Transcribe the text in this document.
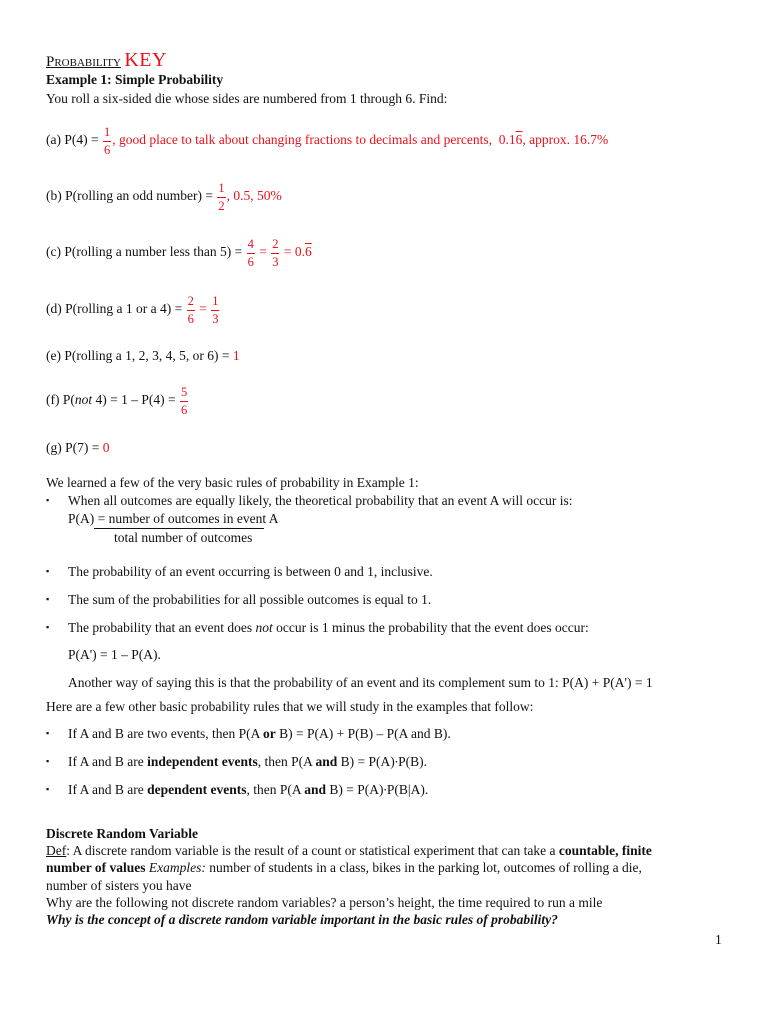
Probability KEY
Example 1: Simple Probability
You roll a six-sided die whose sides are numbered from 1 through 6. Find:
(a) $P(4) = \frac{1}{6}$ , good place to talk about changing fractions to decimals and percents, 0.16, approx. 16.7%
(b) P(rolling an odd number) = $\frac{1}{2}$ , 0.5, 50%
(c) P(rolling a number less than $5) = \frac{4}{6} = \frac{2}{3} = 0.6$
(d) P(rolling a 1 or a $4) = \frac{2}{6} = \frac{1}{3}$
(e) P(rolling a 1, 2, 3, 4, 5, or 6) = 1
(f) P(not $4) = 1 - P(4) = \frac{5}{6}$
(g) P(7) = 0
We learned a few of the very basic rules of probability in Example 1:
▪ When all outcomes are equally likely, the theoretical probability that an event A will occur is:
P(A) = number of outcomes in event A
total number of outcomes
▪ The probability of an event occurring is between 0 and 1, inclusive.
▪ The sum of the probabilities for all possible outcomes is equal to 1.
▪ The probability that an event does not occur is 1 minus the probability that the event does occur:
P(A') = 1 – P(A).
Another way of saying this is that the probability of an event and its complement sum to 1: P(A) + P(A') = 1
Here are a few other basic probability rules that we will study in the examples that follow:
▪ If A and B are two events, then P(A or B) = P(A) + P(B) – P(A and B).
▪ If A and B are independent events, then P(A and B) = P(A)∙P(B).
▪ If A and B are dependent events, then P(A and B) = P(A)∙P(B|A).
Discrete Random Variable
Def: A discrete random variable is the result of a count or statistical experiment that can take a countable, finite
number of values Examples: number of students in a class, bikes in the parking lot, outcomes of rolling a die,
number of sisters you have
Why are the following not discrete random variables? a person’s height, the time required to run a mile
Why is the concept of a discrete random variable important in the basic rules of probability?
1
